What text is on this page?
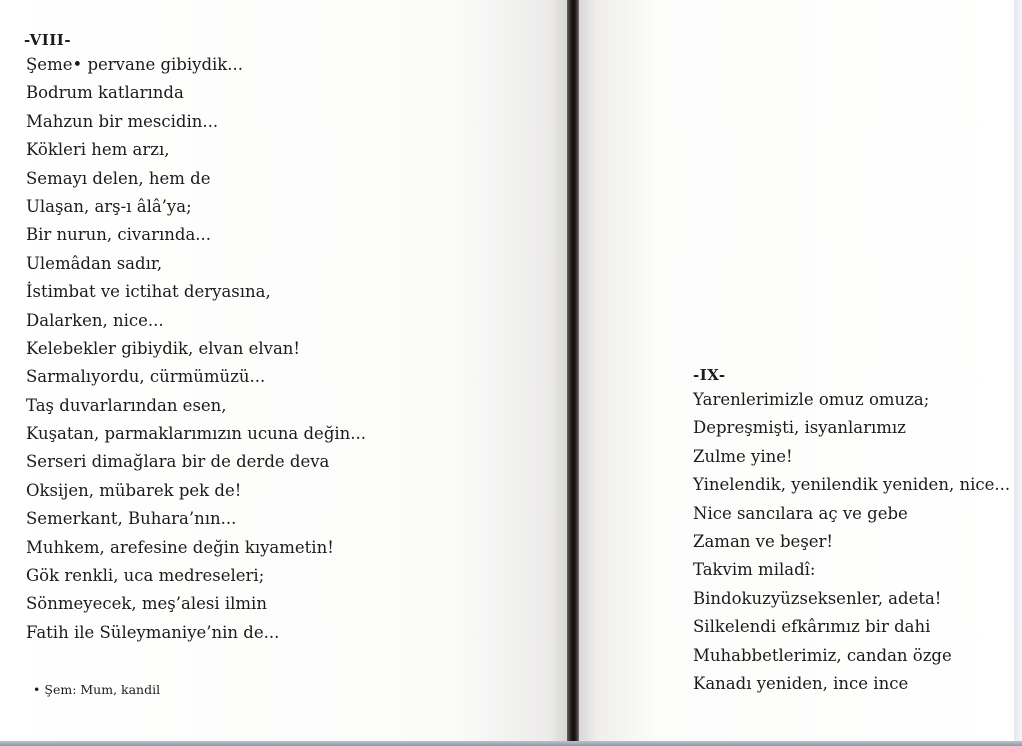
-VIII-
Şeme• pervane gibiydik...
Bodrum katlarında
Mahzun bir mescidin...
Kökleri hem arzı,
Semayı delen, hem de
Ulaşan, arş-ı âlâ’ya;
Bir nurun, civarında...
Ulemâdan sadır,
İstimbat ve ictihat deryasına,
Dalarken, nice...
Kelebekler gibiydik, elvan elvan!
Sarmalıyordu, cürmümüzü...
Taş duvarlarından esen,
Kuşatan, parmaklarımızın ucuna değin...
Serseri dimağlara bir de derde deva
Oksijen, mübarek pek de!
Semerkant, Buhara’nın...
Muhkem, arefesine değin kıyametin!
Gök renkli, uca medreseleri;
Sönmeyecek, meş’alesi ilmin
Fatih ile Süleymaniye’nin de...
• Şem: Mum, kandil
-IX-
Yarenlerimizle omuz omuza;
Depreşmişti, isyanlarımız
Zulme yine!
Yinelendik, yenilendik yeniden, nice...
Nice sancılara aç ve gebe
Zaman ve beşer!
Takvim miladî:
Bindokuzyüzseksenler, adeta!
Silkelendi efkârımız bir dahi
Muhabbetlerimiz, candan özge
Kanadı yeniden, ince ince
